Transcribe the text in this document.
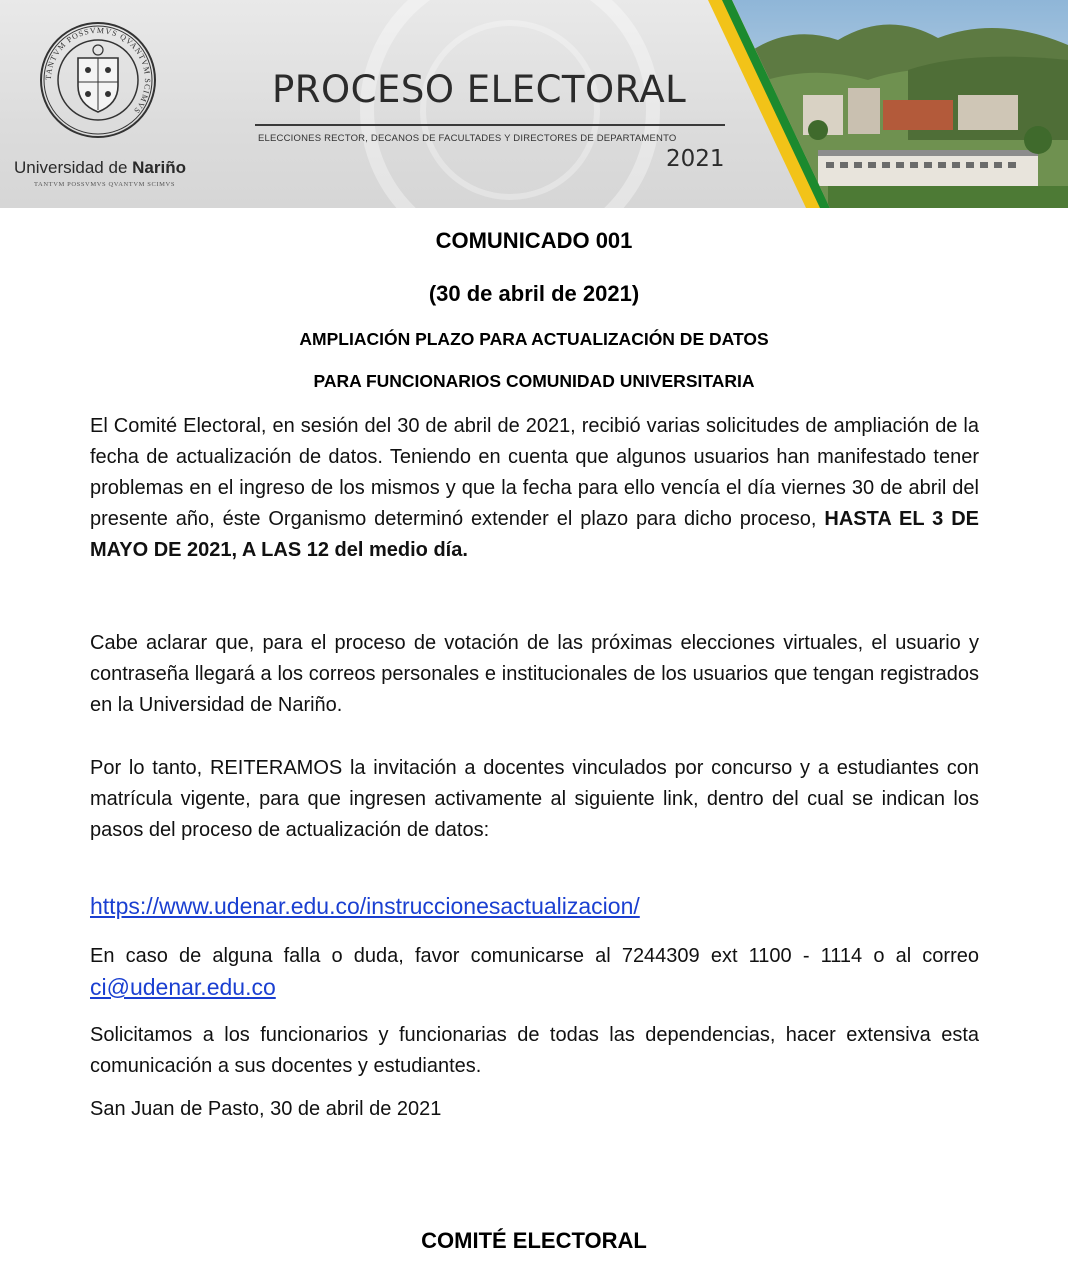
TANTVM POSSVMVS QVANTVM SCIMVS
Universidad de Nariño
TANTVM POSSVMVS QVANTVM SCIMVS
PROCESO ELECTORAL
ELECCIONES RECTOR, DECANOS DE FACULTADES Y DIRECTORES DE DEPARTAMENTO
2021
COMUNICADO 001
(30 de abril de 2021)
AMPLIACIÓN PLAZO PARA ACTUALIZACIÓN DE DATOS
PARA FUNCIONARIOS COMUNIDAD UNIVERSITARIA
El Comité Electoral, en sesión del 30 de abril de 2021, recibió varias solicitudes de ampliación de la fecha de actualización de datos. Teniendo en cuenta que algunos usuarios han manifestado tener problemas en el ingreso de los mismos y que la fecha para ello vencía el día viernes 30 de abril del presente año, éste Organismo determinó extender el plazo para dicho proceso, HASTA EL 3 DE MAYO DE 2021, A LAS 12 del medio día.
Cabe aclarar que, para el proceso de votación de las próximas elecciones virtuales, el usuario y contraseña llegará a los correos personales e institucionales de los usuarios que tengan registrados en la Universidad de Nariño.
Por lo tanto, REITERAMOS la invitación a docentes vinculados por concurso y a estudiantes con matrícula vigente, para que ingresen activamente al siguiente link, dentro del cual se indican los pasos del proceso de actualización de datos:
https://www.udenar.edu.co/instruccionesactualizacion/
En caso de alguna falla o duda, favor comunicarse al 7244309 ext 1100 - 1114 o al correo ci@udenar.edu.co
Solicitamos a los funcionarios y funcionarias de todas las dependencias, hacer extensiva esta comunicación a sus docentes y estudiantes.
San Juan de Pasto, 30 de abril de 2021
COMITÉ ELECTORAL
